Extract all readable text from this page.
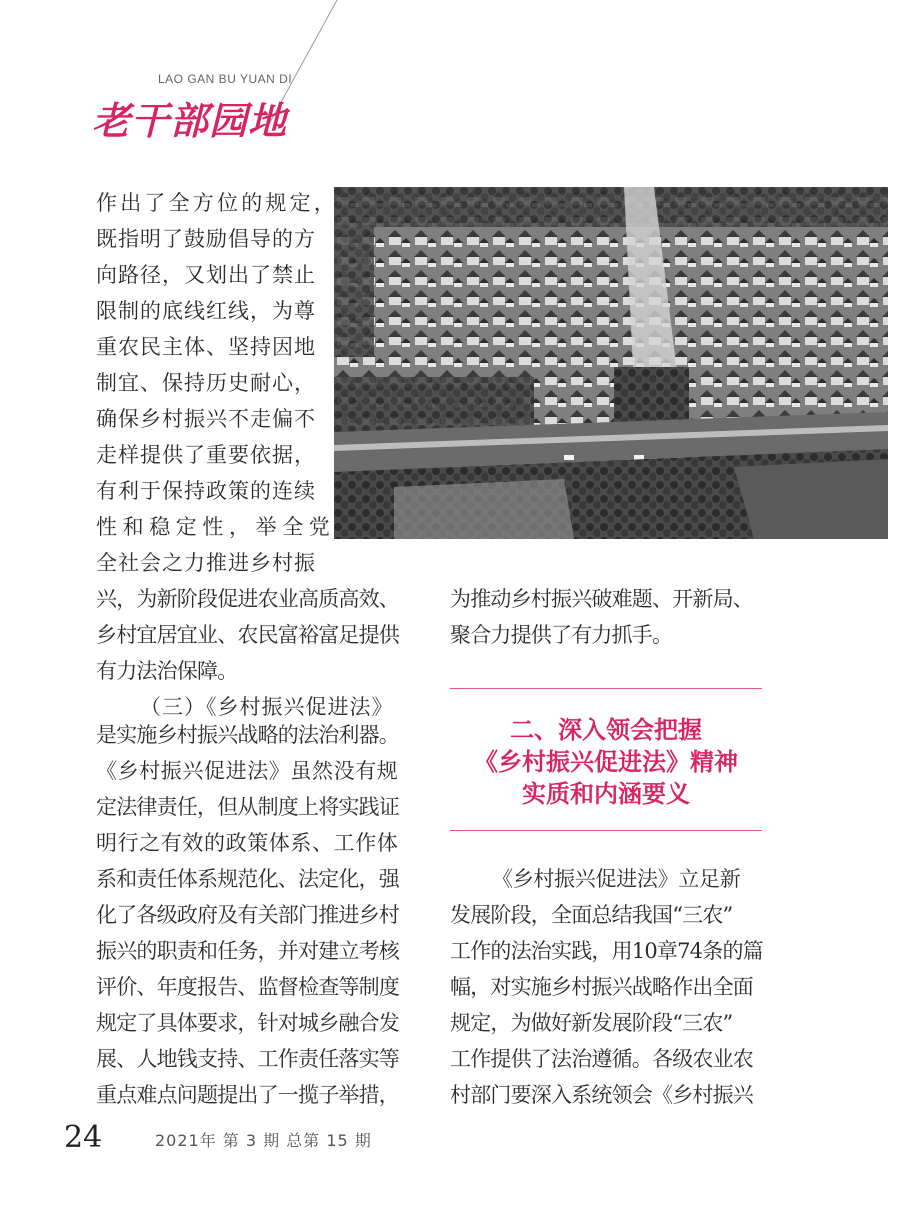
LAO GAN BU YUAN DI
老干部园地
作出了全方位的规定，
既指明了鼓励倡导的方
向路径，又划出了禁止
限制的底线红线，为尊
重农民主体、坚持因地
制宜、保持历史耐心，
确保乡村振兴不走偏不
走样提供了重要依据，
有利于保持政策的连续
性和稳定性，举全党
全社会之力推进乡村振
兴，为新阶段促进农业高质高效、
乡村宜居宜业、农民富裕富足提供
有力法治保障。
（三）《乡村振兴促进法》
是实施乡村振兴战略的法治利器。
《乡村振兴促进法》虽然没有规
定法律责任，但从制度上将实践证
明行之有效的政策体系、工作体
系和责任体系规范化、法定化，强
化了各级政府及有关部门推进乡村
振兴的职责和任务，并对建立考核
评价、年度报告、监督检查等制度
规定了具体要求，针对城乡融合发
展、人地钱支持、工作责任落实等
重点难点问题提出了一揽子举措，
为推动乡村振兴破难题、开新局、
聚合力提供了有力抓手。
二、深入领会把握
《乡村振兴促进法》精神
实质和内涵要义
《乡村振兴促进法》立足新
发展阶段，全面总结我国“三农”
工作的法治实践，用10章74条的篇
幅，对实施乡村振兴战略作出全面
规定，为做好新发展阶段“三农”
工作提供了法治遵循。各级农业农
村部门要深入系统领会《乡村振兴
24	2021年 第 3 期 总第 15 期
